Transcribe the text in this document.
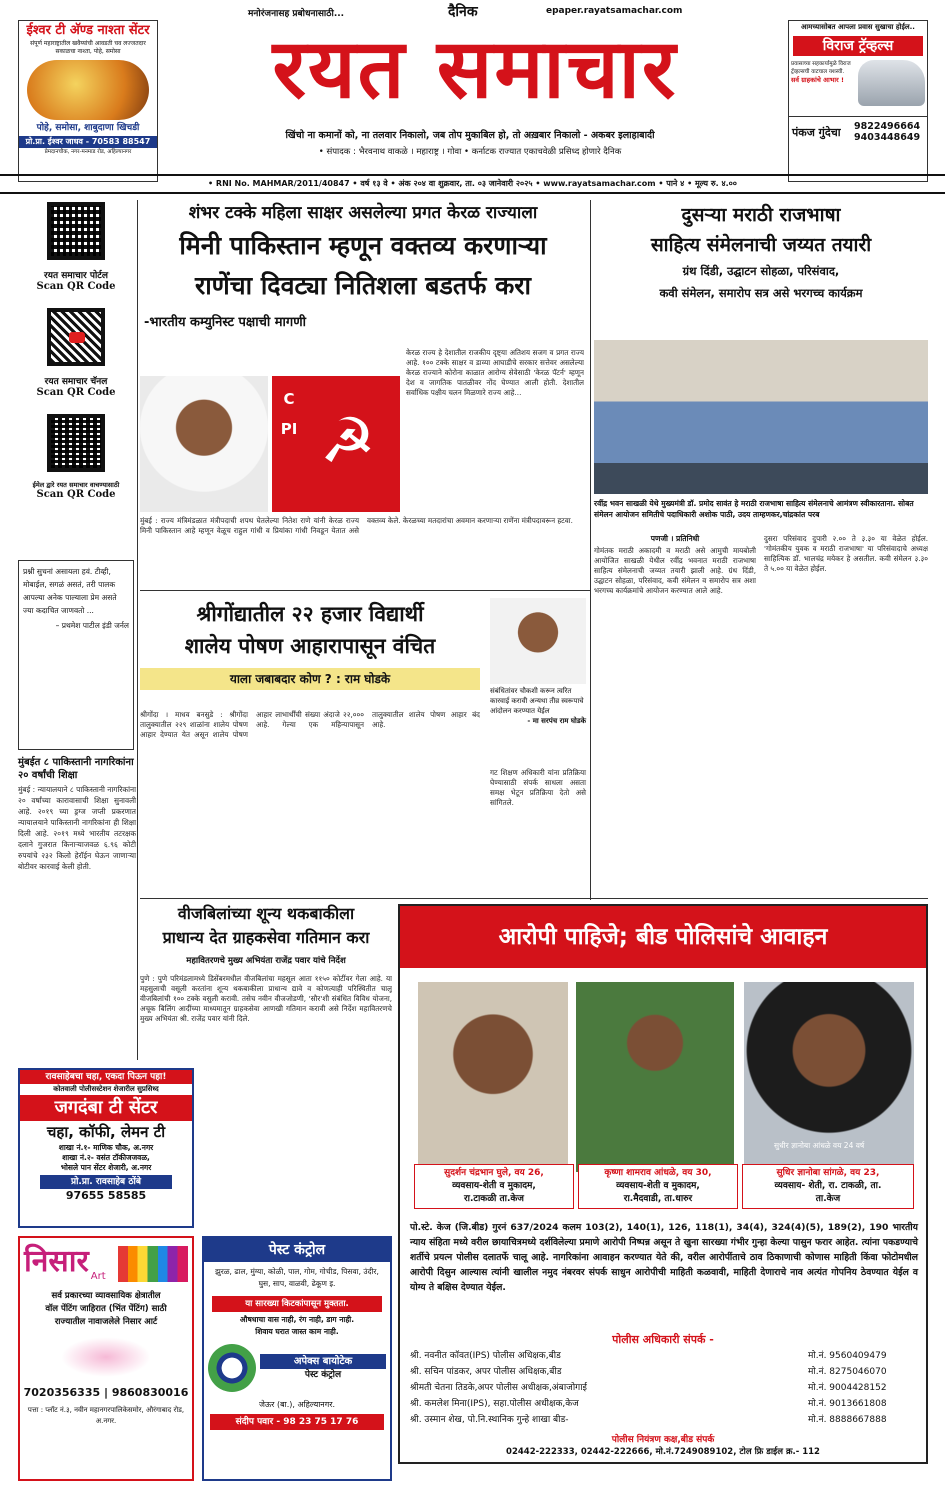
ईश्वर टी अ‍ॅण्ड नाश्ता सेंटर
संपूर्ण महाराष्ट्रातील खवैय्यांची आवडती चव लज्जतदार सकाळचा नाश्ता, पोहे, समोसा
पोहे, समोसा, शाबुदाणा खिचडी
प्रो.प्रा. ईश्वर जाधव - 70583 88547
प्रेमदानचौक, नगर-मनमाड रोड, अहिल्यानगर
मनोरंजनासह प्रबोधनासाठी...	दैनिक	epaper.rayatsamachar.com
रयत समाचार
खिंचो ना कमानों को, ना तलवार निकालो, जब तोप मुकाबिल हो, तो अख़बार निकालो - अकबर इलाहाबादी
• संपादक : भैरवनाथ वाकळे । महाराष्ट्र । गोवा • कर्नाटक राज्यात एकाचवेळी प्रसिध्द होणारे दैनिक
आमच्यासोबत आपला प्रवास सुखाचा होईल..
विराज ट्रॅव्हल्स
प्रवासाच्या सहकार्यामुळे विराज ट्रॅव्हल्सची वाटचाल यशस्वी.
सर्व ग्राहकांचे आभार !
पंकज गुंदेचा	9822496664
9403448649
• RNI No. MAHMAR/2011/40847 • वर्ष १३ वे • अंक २०४ वा शुक्रवार, ता. ०३ जानेवारी २०२५ • www.rayatsamachar.com • पाने ४ • मूल्य रु. ४.००
रयत समाचार पोर्टल
Scan QR Code
रयत समाचार चॅनल
Scan QR Code
ईमेल द्वारे रयत समाचार वाचण्यासाठी
Scan QR Code
प्रश्नी सुचनां असायला हवं. टीव्ही, मोबाईल, सगळं असतं, तरी पालक आपल्या अनेक पाल्याला प्रेम असते ज्या कदाचित जाणवतो ...
– प्रथमेश पाटील इंडी जर्नल
मुंबईत ८ पाकिस्तानी नागरिकांना २० वर्षांची शिक्षा
मुंबई : न्यायालयाने ८ पाकिस्तानी नागरिकांना २० वर्षांच्या कारावासाची शिक्षा सुनावली आहे. २०१९ च्या ड्रग्ज जप्ती प्रकरणात न्यायालयाने पाकिस्तानी नागरिकांना ही शिक्षा दिली आहे. २०१९ मध्ये भारतीय तटरक्षक दलाने गुजरात किनाऱ्याजवळ ६.९६ कोटी रुपयांचे २३२ किलो हेरॉईन घेऊन जाणाऱ्या बोटीवर कारवाई केली होती.
रावसाहेबचा चहा, एकदा पिऊन पहा!
कोतवाली पोलीसस्टेशन शेजारील सुप्रसिध्द
जगदंबा टी सेंटर
चहा, कॉफी, लेमन टी
शाखा नं.१- माणिक चौक, अ.नगर
शाखा नं.२- वसंत टॉकीजजवळ,
भोसले पान सेंटर शेजारी, अ.नगर
प्रो.प्रा. रावसाहेब ठोंबे
97655 58585
निसार Art
सर्व प्रकारच्या व्यावसायिक क्षेत्रातील
वॉल पेंटिंग जाहिरात (भिंत पेंटिंग) साठी
राज्यातील नावाजलेले निसार आर्ट
7020356335 | 9860830016
पत्ता : प्लॉट नं.३, नवीन महानगरपालिकेसमोर, औरंगाबाद रोड, अ.नगर.
शंभर टक्के महिला साक्षर असलेल्या प्रगत केरळ राज्याला
मिनी पाकिस्तान म्हणून वक्तव्य करणाऱ्या
राणेंचा दिवट्या नितिशला बडतर्फ करा
-भारतीय कम्युनिस्ट पक्षाची मागणी
CPI ☭
केरळ राज्य हे देशातील राजकीय दृष्ट्या अतिशय सजग व प्रगत राज्य आहे. १०० टक्के साक्षर व डाव्या आघाडीचे सरकार सत्तेवर असलेल्या केरळ राज्याने कोरोना काळात आरोग्य सेवेसाठी 'केरळ पॅटर्न' म्हणून देश व जागतिक पातळीवर नोंद घेण्यात आली होती. देशातील सर्वाधिक पक्षीय चलन मिळणारे राज्य आहे...
मुंबई : राज्य मंत्रिमंडळात मंत्रीपदाची शपथ घेतलेल्या नितेश राणे यांनी केरळ राज्य मिनी पाकिस्तान आहे म्हणून वेळूच राहुल गांधी व प्रियांका गांधी निवडून येतात असे वक्तव्य केले. केरळच्या मतदारांचा अवमान करणाऱ्या राणेंना मंत्रीपदावरून हटवा.
श्रीगोंद्यातील २२ हजार विद्यार्थी
शालेय पोषण आहारापासून वंचित
याला जबाबदार कोण ? : राम घोडके
श्रीगोंदा । माधव बनसुडे : श्रीगोंदा तालुक्यातील २२९ शाळांना शालेय पोषण आहार देण्यात येत असून शालेय पोषण आहार लाभार्थींची संख्या अंदाजे २२,००० आहे. गेल्या एक महिन्यापासून तालुक्यातील शालेय पोषण आहार बंद आहे.
संबंधितांवर चौकशी करून त्वरित कारवाई करावी अन्यथा तीव्र स्वरूपाचे आंदोलन करण्यात येईल
- मा सरपंच राम घोडके
गट शिक्षण अधिकारी यांना प्रतिक्रिया घेण्यासाठी संपर्क साधला असता समक्ष भेटून प्रतिक्रिया देतो असे सांगितले.
वीजबिलांच्या शून्य थकबाकीला
प्राधान्य देत ग्राहकसेवा गतिमान करा
महावितरणचे मुख्य अभियंता राजेंद्र पवार यांचे निर्देश
पुणे : पुणे परिमंडलामध्ये डिसेंबरमधील वीजबिलांचा महसूल आता ११५० कोटींवर गेला आहे. या महसुलाची वसूली करतांना शून्य थकबाकीला प्राधान्य द्यावे व कोणत्याही परिस्थितीत चालू वीजबिलांची १०० टक्के वसुली करावी. तसेच नवीन वीजजोडणी, 'सौर'शी संबंधित विविध योजना, अचूक बिलिंग आदींच्या माध्यमातून ग्राहकसेवा आणखी गतिमान करावी असे निर्देश महावितरणचे मुख्य अभियंता श्री. राजेंद्र पवार यांनी दिले.
पेस्ट कंट्रोल
झुरळ, ढाल, मुंग्या, कोळी, पाल, गोम, गोचीड, पिसवा, उंदीर, घुस, साप, वाळवी, ढेकूण इ.
या सारख्या किटकांपासून मुक्तता.
औषधाचा वास नाही, रंग नाही, डाग नाही.
शिवाय घरात जास्त काम नाही.
अपेक्स बायोटेक
पेस्ट कंट्रोल
जेऊर (बा.), अहिल्यानगर.
संदीप पवार - 98 23 75 17 76
दुसऱ्या मराठी राजभाषा
साहित्य संमेलनाची जय्यत तयारी
ग्रंथ दिंडी, उद्घाटन सोहळा, परिसंवाद,
कवी संमेलन, समारोप सत्र असे भरगच्च कार्यक्रम
रवींद्र भवन साखळी येथे मुख्यमंत्री डॉ. प्रमोद सावंत हे मराठी राजभाषा साहित्य संमेलनाचे आमंत्रण स्वीकारताना. सोबत संमेलन आयोजन समितीचे पदाधिकारी अशोक पाठी, उदय ताम्हणकर,चांद्रकांत परब
पणजी । प्रतिनिधी
गोमंतक मराठी अकादमी व मराठी असे आमुची मायबोली आयोजित साखळी येथील रवींद्र भवनात मराठी राजभाषा साहित्य संमेलनाची जय्यत तयारी झाली आहे. ग्रंथ दिंडी, उद्घाटन सोहळा, परिसंवाद, कवी संमेलन व समारोप सत्र अशा भरगच्च कार्यक्रमांचे आयोजन करण्यात आले आहे.
दुसरा परिसंवाद दुपारी २.०० ते ३.३० या वेळेत होईल. 'गोमंतकीय युवक व मराठी राजभाषा' या परिसंवादाचे अध्यक्ष साहित्यिक डॉ. भालचंद्र मयेकर हे असतील. कवी संमेलन ३.३० ते ५.०० या वेळेत होईल.
आरोपी पाहिजे; बीड पोलिसांचे आवाहन
सुधीर ज्ञानोबा आंधळे वय 24 वर्ष
सुदर्शन चंद्रभान घुले, वय 26,
व्यवसाय-शेती व मुकादम,
रा.टाकळी ता.केज
कृष्णा शामराव आंधळे, वय 30,
व्यवसाय-शेती व मुकादम,
रा.मैदवाडी, ता.धारुर
सुधिर ज्ञानोबा सांगळे, वय 23,
व्यवसाय- शेती, रा. टाकळी, ता.
ता.केज
पो.स्टे. केज (जि.बीड) गुरनं 637/2024 कलम 103(2), 140(1), 126, 118(1), 34(4), 324(4)(5), 189(2), 190 भारतीय न्याय संहिता मध्ये वरील छायाचित्रमध्ये दर्शविलेल्या प्रमाणे आरोपी निष्पन्न असून ते खुना सारख्या गंभीर गुन्हा केल्या पासुन फरार आहेत. त्यांना पकडण्याचे शर्तीचे प्रयत्न पोलीस दलातर्फे चालू आहे. नागरिकांना आवाहन करण्यात येते की, वरील आरोपींताचे ठाव ठिकाणाची कोणास माहिती किंवा फोटोमधील आरोपी दिसुन आल्यास त्यांनी खालील नमुद नंबरवर संपर्क साधुन आरोपीची माहिती कळवावी, माहिती देणाराचे नाव अत्यंत गोपनिय ठेवण्यात येईल व योग्य ते बक्षिस देण्यात येईल.
पोलीस अधिकारी संपर्क -
श्री. नवनीत कॉवत(IPS) पोलीस अधिक्षक,बीड	मो.नं. 9560409479
श्री. सचिन पांडकर, अपर पोलीस अधिक्षक,बीड	मो.नं. 8275046070
श्रीमती चेतना तिडके,अपर पोलीस अधीक्षक,अंबाजोगाई	मो.नं. 9004428152
श्री. कमलेश मिना(IPS), सहा.पोलीस अधीक्षक,केज	मो.नं. 9013661808
श्री. उस्मान शेख, पो.नि.स्थानिक गुन्हे शाखा बीड-	मो.नं. 8888667888
पोलीस नियंत्रण कक्ष,बीड संपर्क
02442-222333, 02442-222666, मो.नं.7249089102, टोल फ्रि डाईल क्र.- 112
